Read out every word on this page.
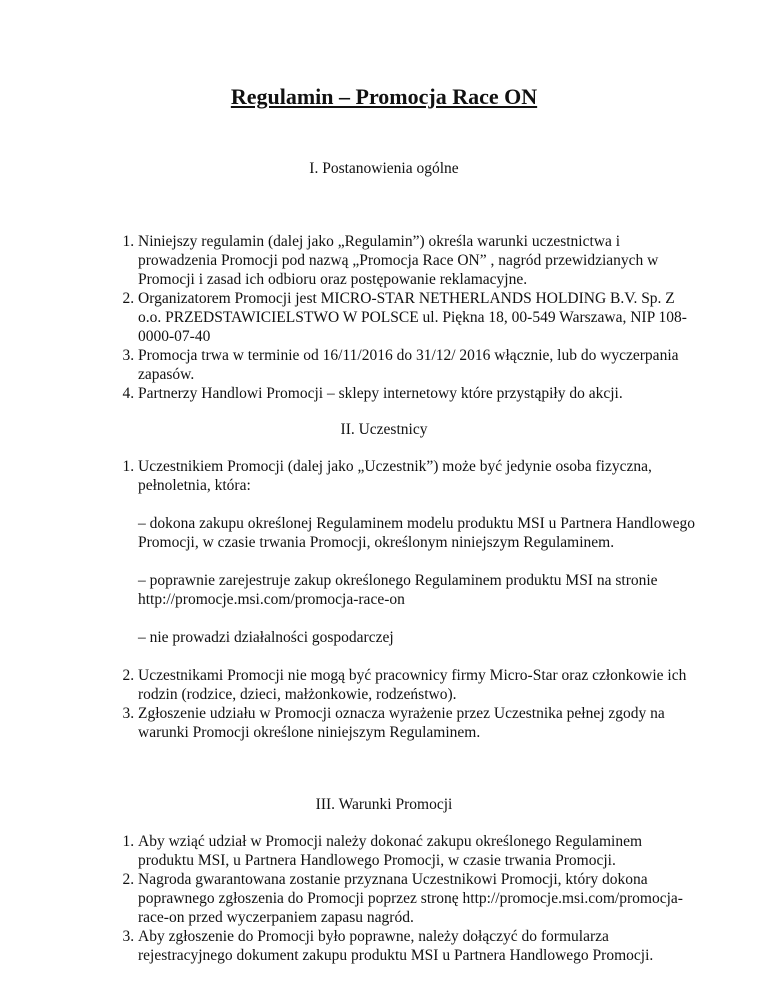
Regulamin – Promocja Race ON

I. Postanowienia ogólne

1. Niniejszy regulamin (dalej jako „Regulamin”) określa warunki uczestnictwa i prowadzenia Promocji pod nazwą „Promocja Race ON” , nagród przewidzianych w Promocji i zasad ich odbioru oraz postępowanie reklamacyjne.
2. Organizatorem Promocji jest MICRO-STAR NETHERLANDS HOLDING B.V. Sp. Z o.o. PRZEDSTAWICIELSTWO W POLSCE ul. Piękna 18, 00-549 Warszawa, NIP 108-0000-07-40
3. Promocja trwa w terminie od 16/11/2016 do 31/12/ 2016 włącznie, lub do wyczerpania zapasów.
4. Partnerzy Handlowi Promocji – sklepy internetowy które przystąpiły do akcji.

II. Uczestnicy

1. Uczestnikiem Promocji (dalej jako „Uczestnik”) może być jedynie osoba fizyczna, pełnoletnia, która:
– dokona zakupu określonej Regulaminem modelu produktu MSI u Partnera Handlowego Promocji, w czasie trwania Promocji, określonym niniejszym Regulaminem.
– poprawnie zarejestruje zakup określonego Regulaminem produktu MSI na stronie http://promocje.msi.com/promocja-race-on
– nie prowadzi działalności gospodarczej
2. Uczestnikami Promocji nie mogą być pracownicy firmy Micro-Star oraz członkowie ich rodzin (rodzice, dzieci, małżonkowie, rodzeństwo).
3. Zgłoszenie udziału w Promocji oznacza wyrażenie przez Uczestnika pełnej zgody na warunki Promocji określone niniejszym Regulaminem.

III. Warunki Promocji

1. Aby wziąć udział w Promocji należy dokonać zakupu określonego Regulaminem produktu MSI, u Partnera Handlowego Promocji, w czasie trwania Promocji.
2. Nagroda gwarantowana zostanie przyznana Uczestnikowi Promocji, który dokona poprawnego zgłoszenia do Promocji poprzez stronę http://promocje.msi.com/promocja-race-on przed wyczerpaniem zapasu nagród.
3. Aby zgłoszenie do Promocji było poprawne, należy dołączyć do formularza rejestracyjnego dokument zakupu produktu MSI u Partnera Handlowego Promocji.
